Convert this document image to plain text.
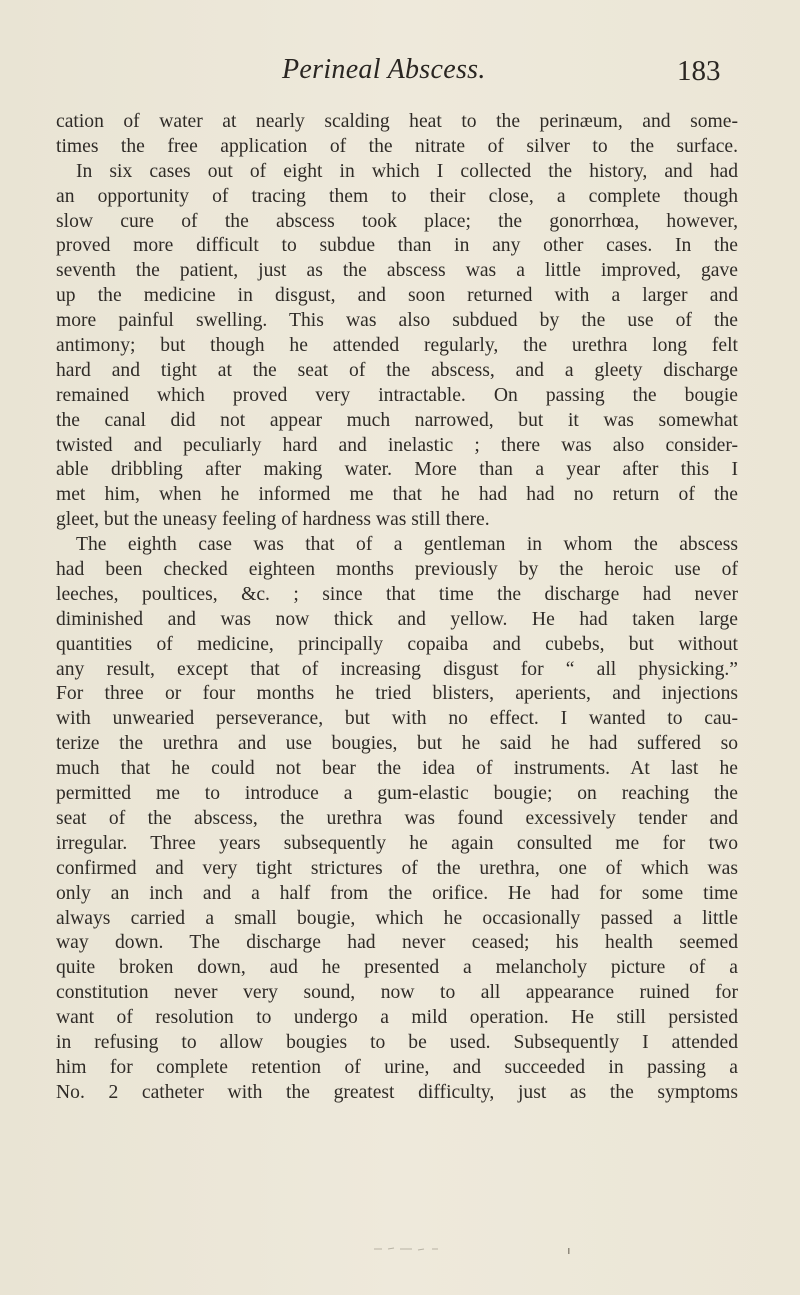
Perineal Abscess.	183
cation of water at nearly scalding heat to the perinæum, and some-
times the free application of the nitrate of silver to the surface.
In six cases out of eight in which I collected the history, and had
an opportunity of tracing them to their close, a complete though
slow cure of the abscess took place; the gonorrhœa, however,
proved more difficult to subdue than in any other cases. In the
seventh the patient, just as the abscess was a little improved, gave
up the medicine in disgust, and soon returned with a larger and
more painful swelling. This was also subdued by the use of the
antimony; but though he attended regularly, the urethra long felt
hard and tight at the seat of the abscess, and a gleety discharge
remained which proved very intractable. On passing the bougie
the canal did not appear much narrowed, but it was somewhat
twisted and peculiarly hard and inelastic ; there was also consider-
able dribbling after making water. More than a year after this I
met him, when he informed me that he had had no return of the
gleet, but the uneasy feeling of hardness was still there.
The eighth case was that of a gentleman in whom the abscess
had been checked eighteen months previously by the heroic use of
leeches, poultices, &c. ; since that time the discharge had never
diminished and was now thick and yellow. He had taken large
quantities of medicine, principally copaiba and cubebs, but without
any result, except that of increasing disgust for “ all physicking.”
For three or four months he tried blisters, aperients, and injections
with unwearied perseverance, but with no effect. I wanted to cau-
terize the urethra and use bougies, but he said he had suffered so
much that he could not bear the idea of instruments. At last he
permitted me to introduce a gum-elastic bougie; on reaching the
seat of the abscess, the urethra was found excessively tender and
irregular. Three years subsequently he again consulted me for two
confirmed and very tight strictures of the urethra, one of which was
only an inch and a half from the orifice. He had for some time
always carried a small bougie, which he occasionally passed a little
way down. The discharge had never ceased; his health seemed
quite broken down, aud he presented a melancholy picture of a
constitution never very sound, now to all appearance ruined for
want of resolution to undergo a mild operation. He still persisted
in refusing to allow bougies to be used. Subsequently I attended
him for complete retention of urine, and succeeded in passing a
No. 2 catheter with the greatest difficulty, just as the symptoms
